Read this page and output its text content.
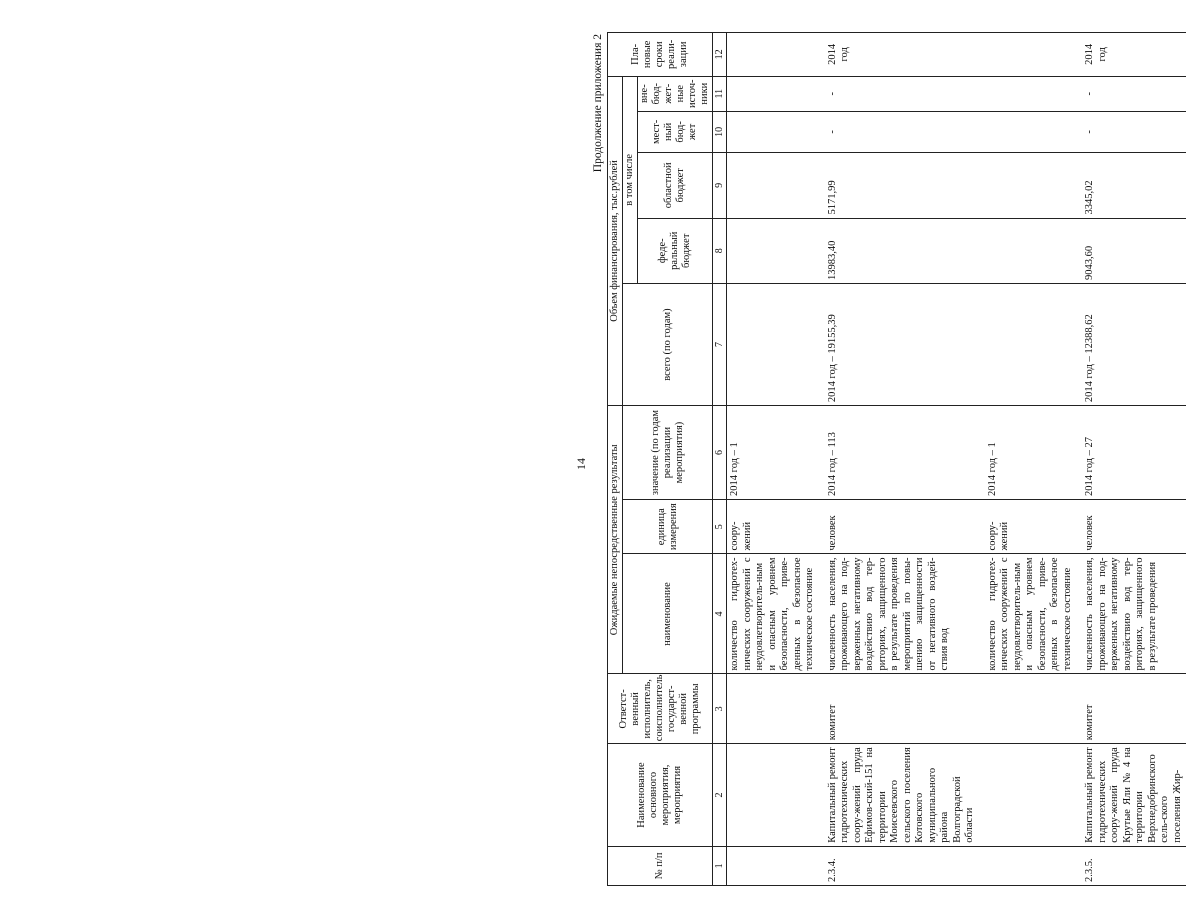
14
Продолжение приложения 2
№ п/п	Наименование основного мероприятия, мероприятия	Ответст-венный исполнитель, соисполнитель государст-венной программы	Ожидаемые непосредственные результаты			Объем финансирования, тыс.рублей					Пла-новые сроки реали-зации
			наименование	единица измерения	значение (по годам реализации мероприятия)	всего (по годам)	в том числе				
							феде-ральный бюджет	областной бюджет	мест-ный бюд-жет	вне-бюд-жет-ные источ-ники	
1	2	3	4	5	6	7	8	9	10	11	12
			количество гидротех-нических сооружений с неудовлетворитель-ным и опасным уровнем безопасности, приве-денных в безопасное техническое состояние	соору-жений	2014 год – 1						

2.3.4.	Капитальный ремонт гидротехнических соору-жений пруда Ефимов-ский-151 на территории Моисеевского сельского поселения Котовского муниципального района Волгоградской области	комитет	численность населения, проживающего на под-верженных негативному воздействию вод тер-риториях, защищенного в результате проведения мероприятий по повы-шению защищенности от негативного воздей-ствия вод	человек	2014 год – 113	2014 год – 19155,39	13983,40	5171,99	-	-	2014 год

			количество гидротех-нических сооружений с неудовлетворитель-ным и опасным уровнем безопасности, приве-денных в безопасное техническое состояние	соору-жений	2014 год – 1						

2.3.5.	Капитальный ремонт гидротехнических соору-жений пруда Крутые Яли № 4 на территории Верхнедобринского сель-ского поселения Жир-	комитет	численность населения, проживающего на под-верженных негативному воздействию вод тер-риториях, защищенного в результате проведения	человек	2014 год – 27	2014 год – 12388,62	9043,60	3345,02	-	-	2014 год
